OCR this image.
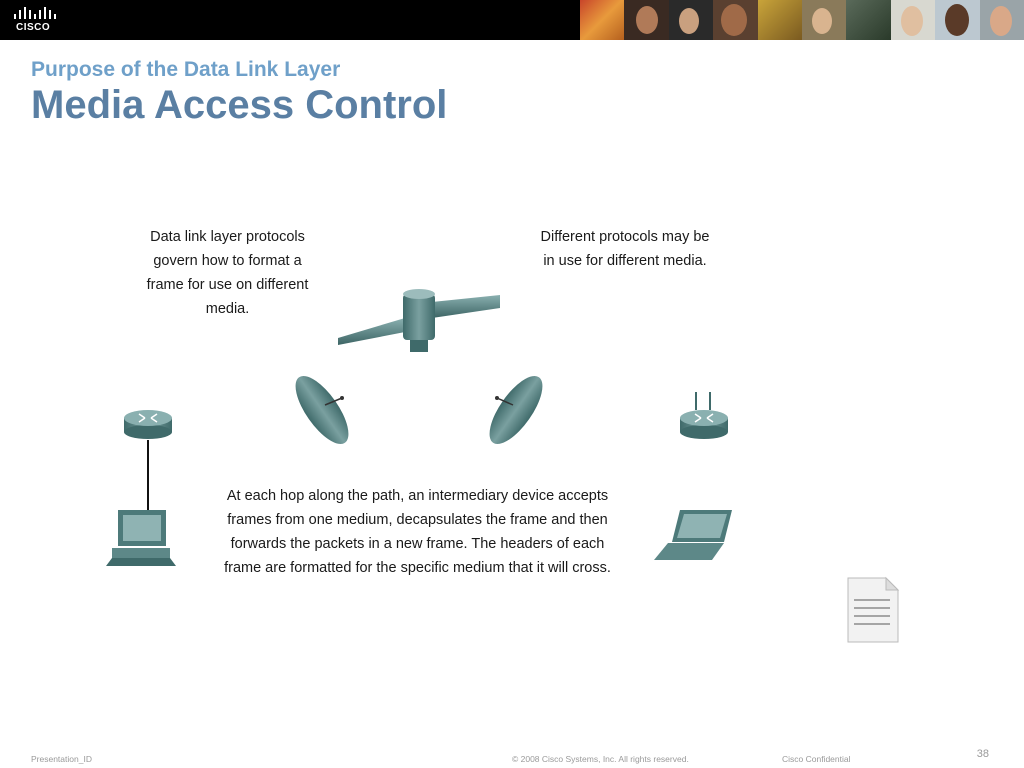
CISCO
Purpose of the Data Link Layer
Media Access Control
Data link layer protocols
govern how to format a
frame for use on different
media.
Different protocols may be
in use for different media.
At each hop along the path, an intermediary device accepts
frames from one medium, decapsulates the frame and then
forwards the packets in a new frame. The headers of each
frame are formatted for the specific medium that it will cross.
Presentation_ID	© 2008 Cisco Systems, Inc. All rights reserved.	Cisco Confidential	38
